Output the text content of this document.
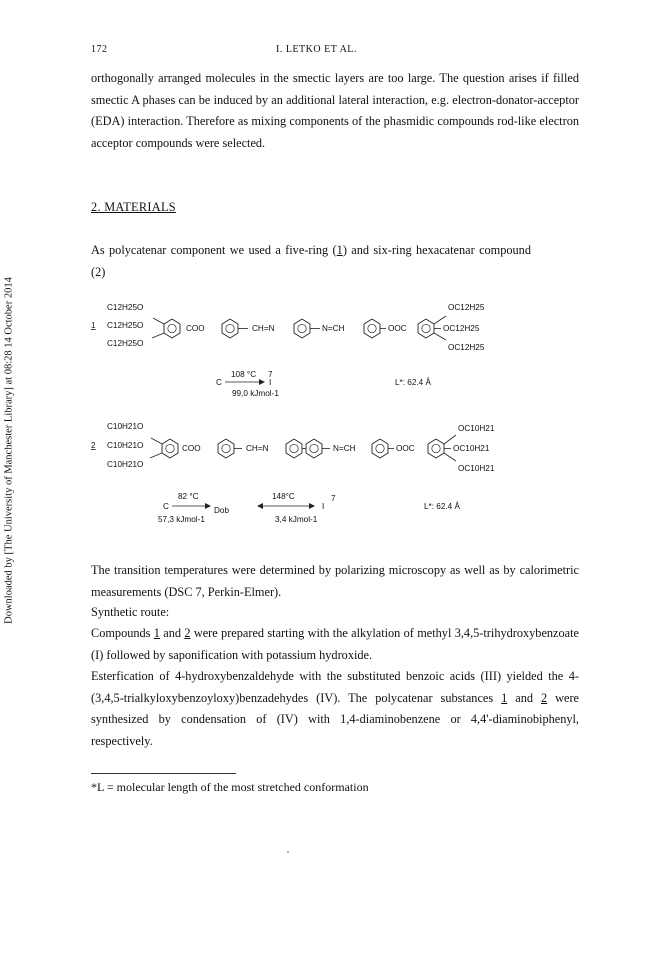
172	I. LETKO ET AL.
Downloaded by [The University of Manchester Library] at 08:28 14 October 2014

orthogonally arranged molecules in the smectic layers are too large. The question arises if filled smectic A phases can be induced by an additional lateral interaction, e.g. electron-donator-acceptor (EDA) interaction. Therefore as mixing components of the phasmidic compounds rod-like electron acceptor compounds were selected.

2. MATERIALS

As polycatenar component we used a five-ring (1) and six-ring hexacatenar compound (2)

C12H25O
1 C12H25O
C12H25O
COO	CH=N	N=CH	OOC
OC12H25
OC12H25
OC12H25
108 °C 7
C	I
99,0 kJmol-1
L*: 62.4 Å
C10H21O
2 C10H21O
C10H21O
COO	CH=N	N=CH	OOC
OC10H21
OC10H21
OC10H21
82 °C
C	Dob
57,3 kJmol-1
148°C
I
7
3,4 kJmol-1
L*: 62.4 Å

The transition temperatures were determined by polarizing microscopy as well as by calorimetric measurements (DSC 7, Perkin-Elmer).

Synthetic route:

Compounds 1 and 2 were prepared starting with the alkylation of methyl 3,4,5-trihydroxybenzoate (I) followed by saponification with potassium hydroxide.

Esterfication of 4-hydroxybenzaldehyde with the substituted benzoic acids (III) yielded the 4-(3,4,5-trialkyloxybenzoyloxy)benzadehydes (IV). The polycatenar substances 1 and 2 were synthesized by condensation of (IV) with 1,4-diaminobenzene or 4,4'-diaminobiphenyl, respectively.

*L = molecular length of the most stretched conformation
